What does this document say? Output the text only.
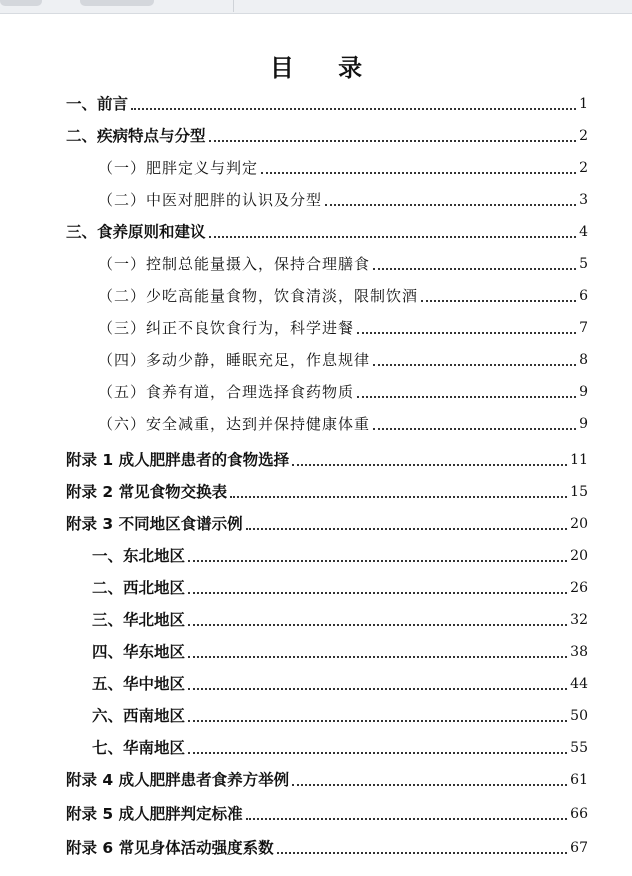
目 录
一、前言	1
二、疾病特点与分型	2
（一）肥胖定义与判定	2
（二）中医对肥胖的认识及分型	3
三、食养原则和建议	4
（一）控制总能量摄入，保持合理膳食	5
（二）少吃高能量食物，饮食清淡，限制饮酒	6
（三）纠正不良饮食行为，科学进餐	7
（四）多动少静，睡眠充足，作息规律	8
（五）食养有道，合理选择食药物质	9
（六）安全减重，达到并保持健康体重	9
附录 1 成人肥胖患者的食物选择	11
附录 2 常见食物交换表	15
附录 3 不同地区食谱示例	20
一、东北地区	20
二、西北地区	26
三、华北地区	32
四、华东地区	38
五、华中地区	44
六、西南地区	50
七、华南地区	55
附录 4 成人肥胖患者食养方举例	61
附录 5 成人肥胖判定标准	66
附录 6 常见身体活动强度系数	67
